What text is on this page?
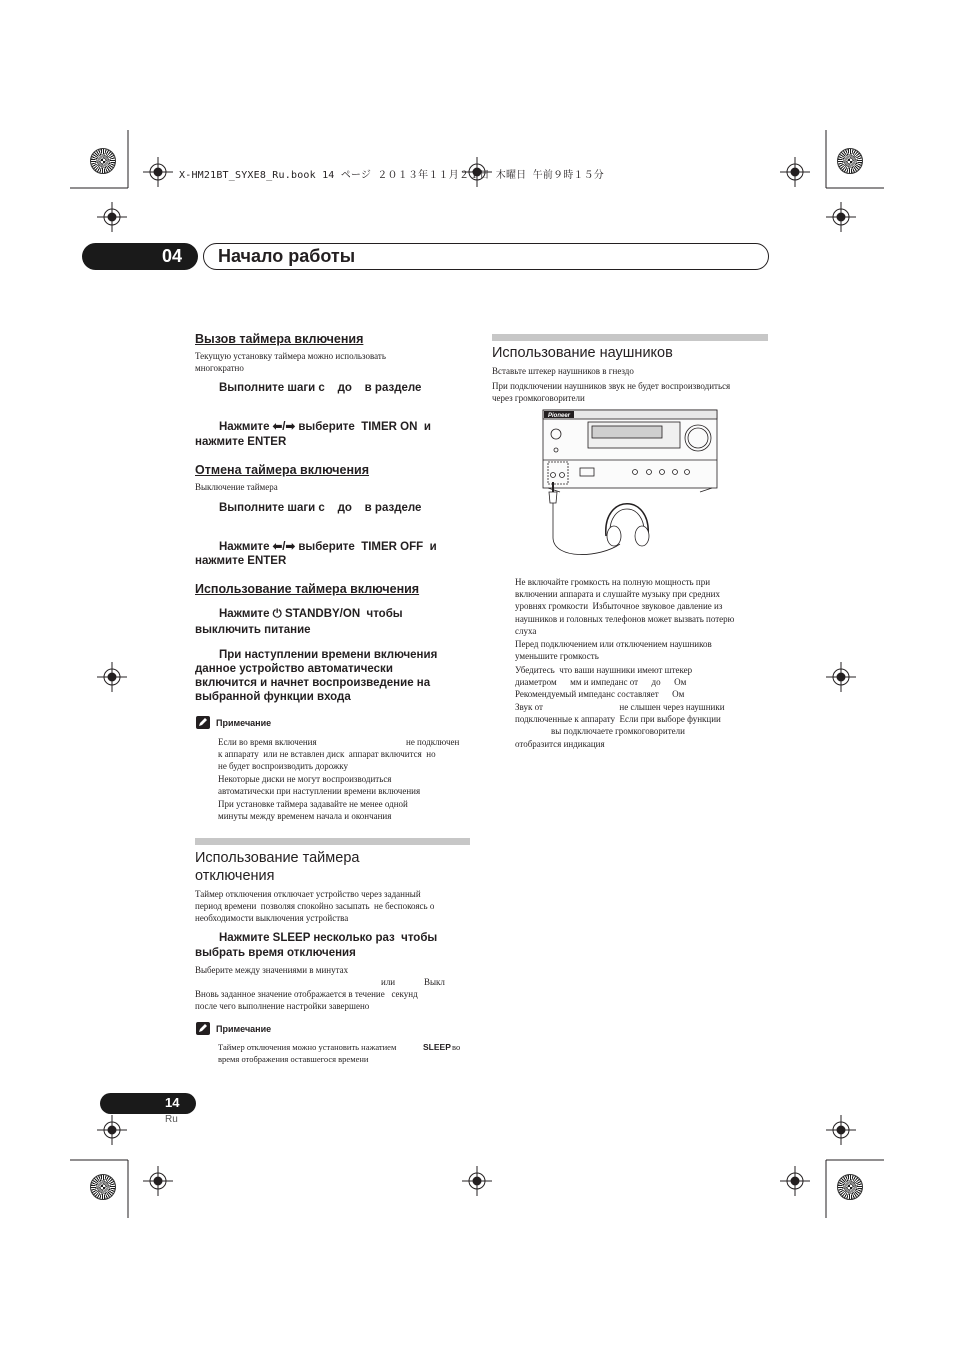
X-HM21BT_SYXE8_Ru.book 14 ページ ２０１３年１１月２１日 木曜日 午前９時１５分
04	Начало работы
Вызов таймера включения
Текущую установку таймера можно использовать
многократно
Выполните шаги с    до    в разделе
Нажмите ⬅/➡ выберите  TIMER ON  и
нажмите ENTER
Отмена таймера включения
Выключение таймера
Выполните шаги с    до    в разделе
Нажмите ⬅/➡ выберите  TIMER OFF  и
нажмите ENTER
Использование таймера включения
Нажмите ⏻ STANDBY/ON  чтобы
выключить питание
При наступлении времени включения
данное устройство автоматически
включится и начнет воспроизведение на
выбранной функции входа
Примечание
Если во время включения	не подключен
к аппарату  или не вставлен диск  аппарат включится  но
не будет воспроизводить дорожку
Некоторые диски не могут воспроизводиться
автоматически при наступлении времени включения
При установке таймера задавайте не менее одной
минуты между временем начала и окончания
Использование таймера
отключения
Таймер отключения отключает устройство через заданный
период времени  позволяя спокойно засыпать  не беспокоясь о
необходимости выключения устройства
Нажмите SLEEP несколько раз  чтобы
выбрать время отключения
Выберите между значениями в минутах
или	Выкл
Вновь заданное значение отображается в течение   секунд
после чего выполнение настройки завершено
Примечание
Таймер отключения можно установить нажатием	SLEEP во
время отображения оставшегося времени
Использование наушников
Вставьте штекер наушников в гнездо
При подключении наушников звук не будет воспроизводиться
через громкоговорители
Pioneer
Не включайте громкость на полную мощность при
включении аппарата и слушайте музыку при средних
уровнях громкости  Избыточное звуковое давление из
наушников и головных телефонов может вызвать потерю
слуха
Перед подключением или отключением наушников
уменьшите громкость
Убедитесь  что ваши наушники имеют штекер
диаметром      мм и импеданс от      до      Ом
Рекомендуемый импеданс составляет      Ом
Звук от                                  не слышен через наушники
подключенные к аппарату  Если при выборе функции
вы подключаете громкоговорители
отобразится индикация
14
Ru
